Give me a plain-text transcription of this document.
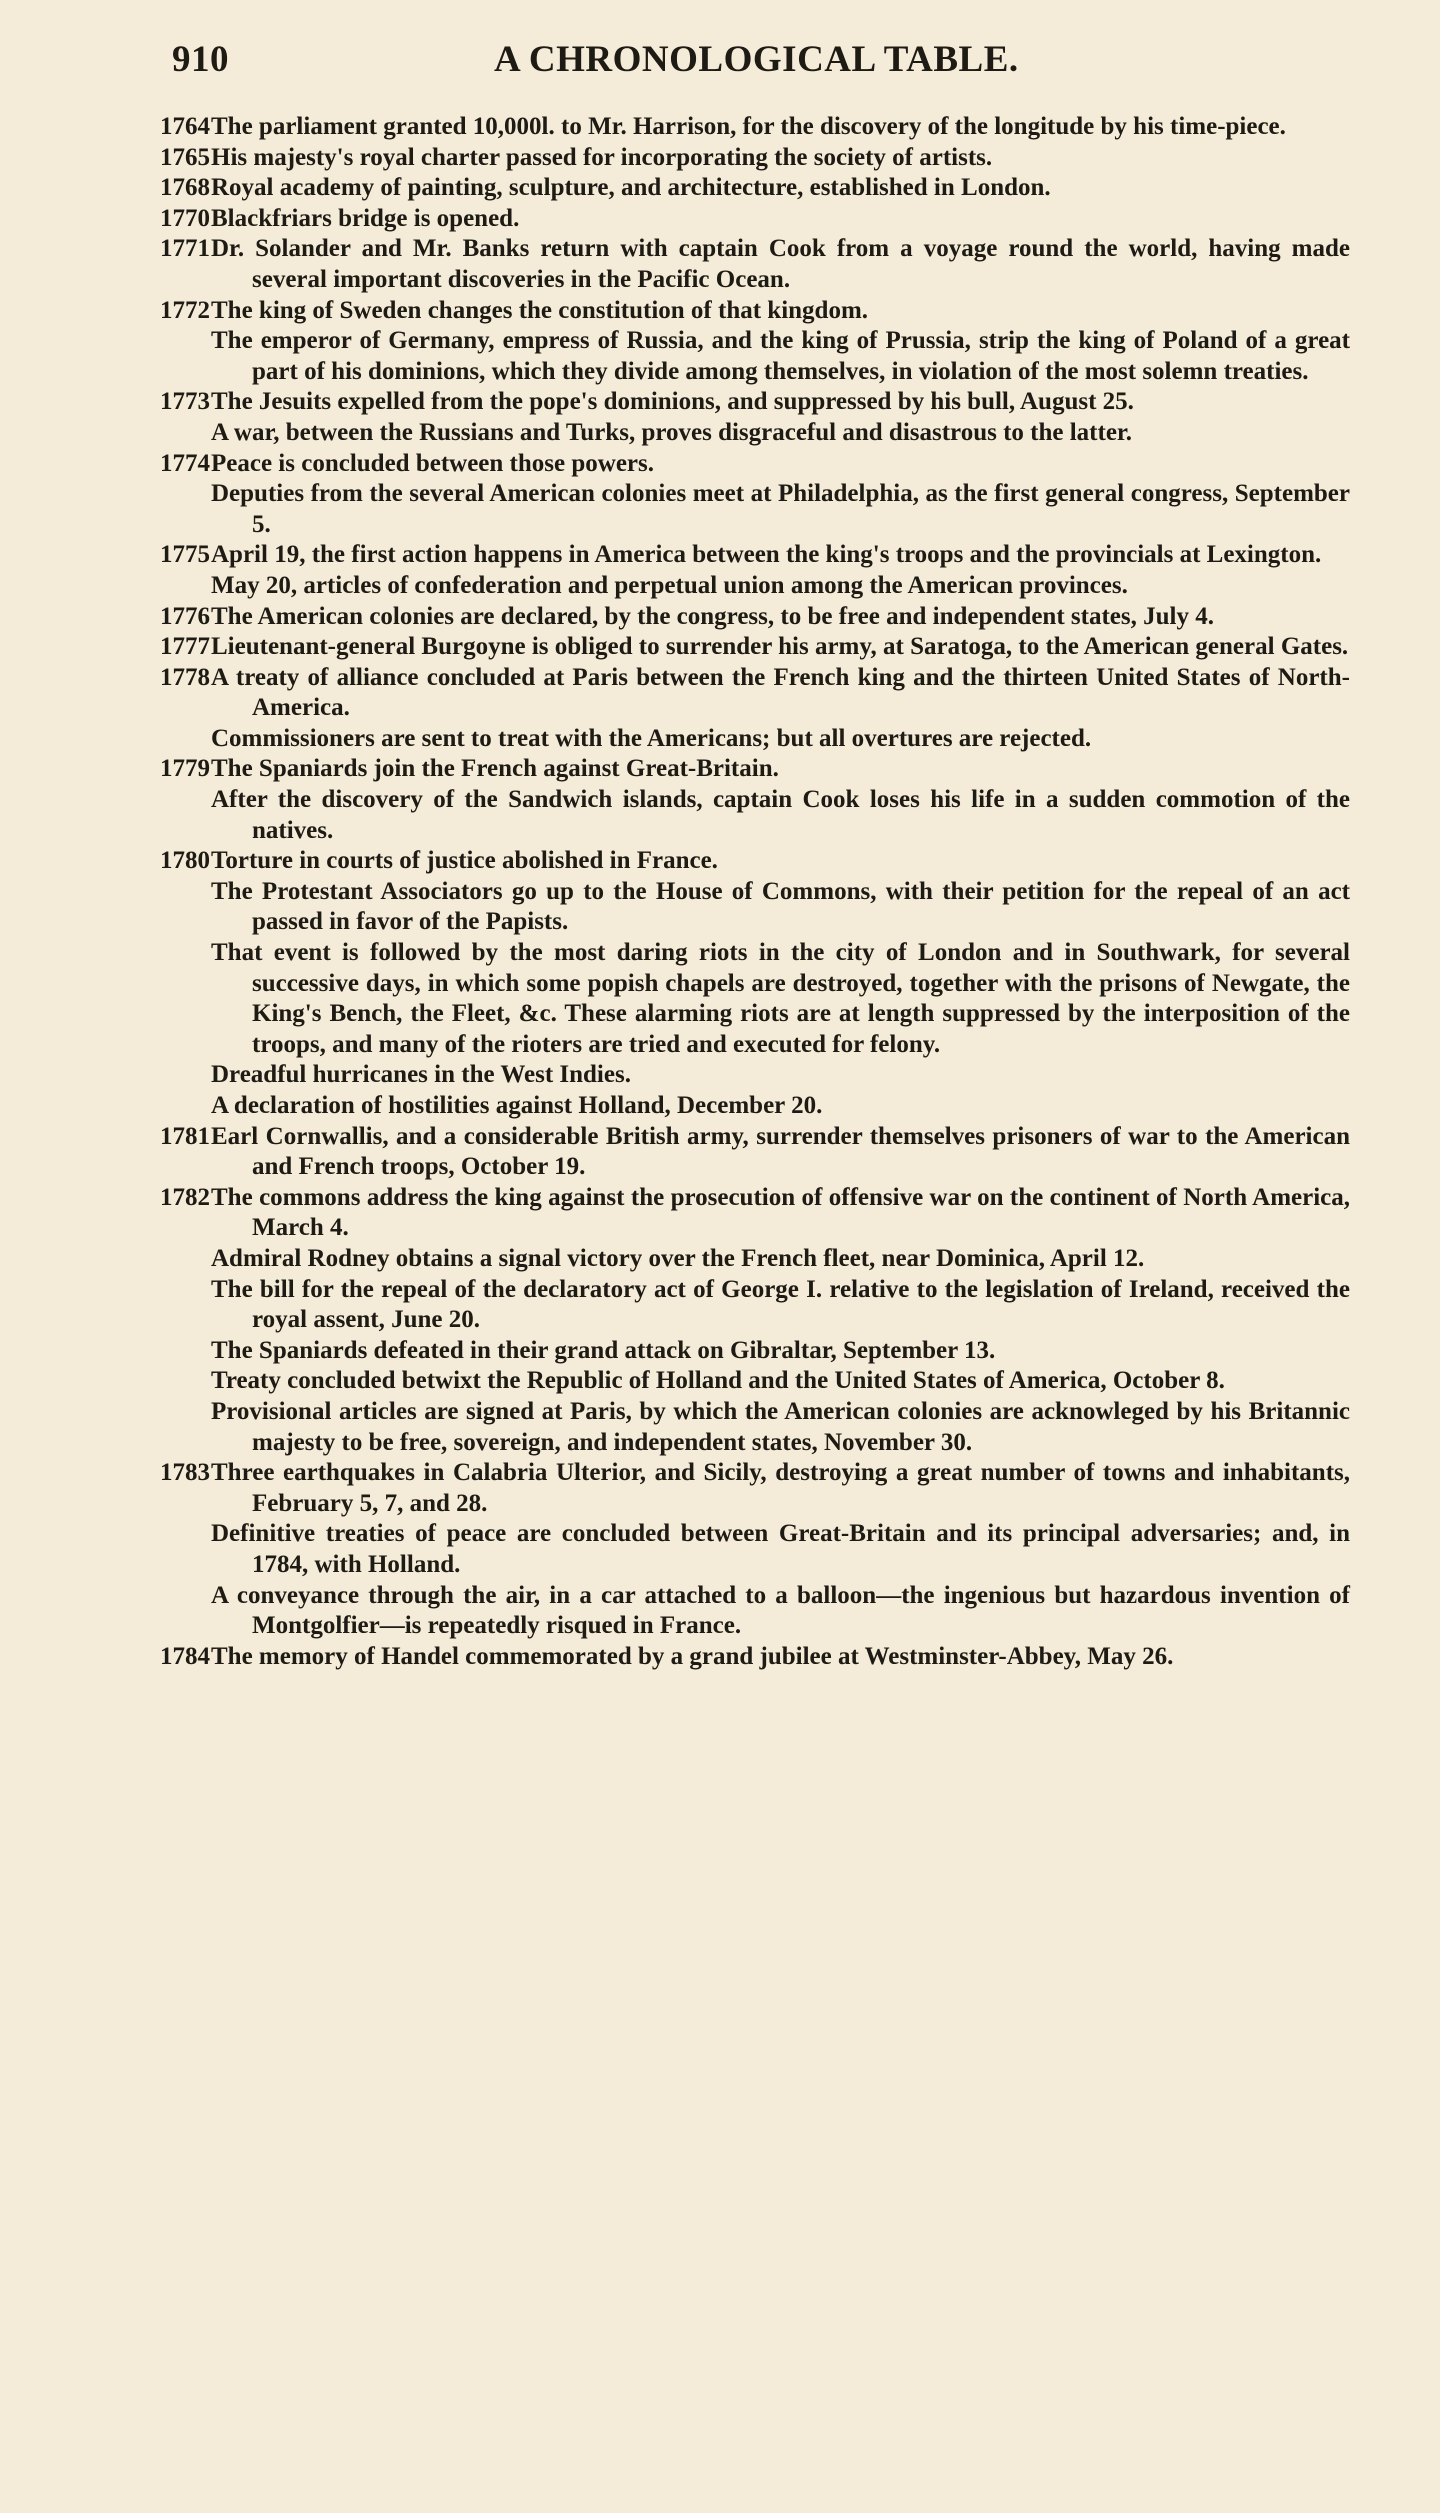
910	A CHRONOLOGICAL TABLE.

1764 The parliament granted 10,000l. to Mr. Harrison, for the discovery of the longitude by his time-piece.

1765 His majesty's royal charter passed for incorporating the society of artists.

1768 Royal academy of painting, sculpture, and architecture, established in London.

1770 Blackfriars bridge is opened.

1771 Dr. Solander and Mr. Banks return with captain Cook from a voyage round the world, having made several important discoveries in the Pacific Ocean.

1772 The king of Sweden changes the constitution of that kingdom.

The emperor of Germany, empress of Russia, and the king of Prussia, strip the king of Poland of a great part of his dominions, which they divide among themselves, in violation of the most solemn treaties.

1773 The Jesuits expelled from the pope's dominions, and suppressed by his bull, August 25.

A war, between the Russians and Turks, proves disgraceful and disastrous to the latter.

1774 Peace is concluded between those powers.

Deputies from the several American colonies meet at Philadelphia, as the first general congress, September 5.

1775 April 19, the first action happens in America between the king's troops and the provincials at Lexington.

May 20, articles of confederation and perpetual union among the American provinces.

1776 The American colonies are declared, by the congress, to be free and independent states, July 4.

1777 Lieutenant-general Burgoyne is obliged to surrender his army, at Saratoga, to the American general Gates.

1778 A treaty of alliance concluded at Paris between the French king and the thirteen United States of North-America.

Commissioners are sent to treat with the Americans; but all overtures are rejected.

1779 The Spaniards join the French against Great-Britain.

After the discovery of the Sandwich islands, captain Cook loses his life in a sudden commotion of the natives.

1780 Torture in courts of justice abolished in France.

The Protestant Associators go up to the House of Commons, with their petition for the repeal of an act passed in favor of the Papists.

That event is followed by the most daring riots in the city of London and in Southwark, for several successive days, in which some popish chapels are destroyed, together with the prisons of Newgate, the King's Bench, the Fleet, &c. These alarming riots are at length suppressed by the interposition of the troops, and many of the rioters are tried and executed for felony.

Dreadful hurricanes in the West Indies.

A declaration of hostilities against Holland, December 20.

1781 Earl Cornwallis, and a considerable British army, surrender themselves prisoners of war to the American and French troops, October 19.

1782 The commons address the king against the prosecution of offensive war on the continent of North America, March 4.

Admiral Rodney obtains a signal victory over the French fleet, near Dominica, April 12.

The bill for the repeal of the declaratory act of George I. relative to the legislation of Ireland, received the royal assent, June 20.

The Spaniards defeated in their grand attack on Gibraltar, September 13.

Treaty concluded betwixt the Republic of Holland and the United States of America, October 8.

Provisional articles are signed at Paris, by which the American colonies are acknowleged by his Britannic majesty to be free, sovereign, and independent states, November 30.

1783 Three earthquakes in Calabria Ulterior, and Sicily, destroying a great number of towns and inhabitants, February 5, 7, and 28.

Definitive treaties of peace are concluded between Great-Britain and its principal adversaries; and, in 1784, with Holland.

A conveyance through the air, in a car attached to a balloon—the ingenious but hazardous invention of Montgolfier—is repeatedly risqued in France.

1784 The memory of Handel commemorated by a grand jubilee at Westminster-Abbey, May 26.
